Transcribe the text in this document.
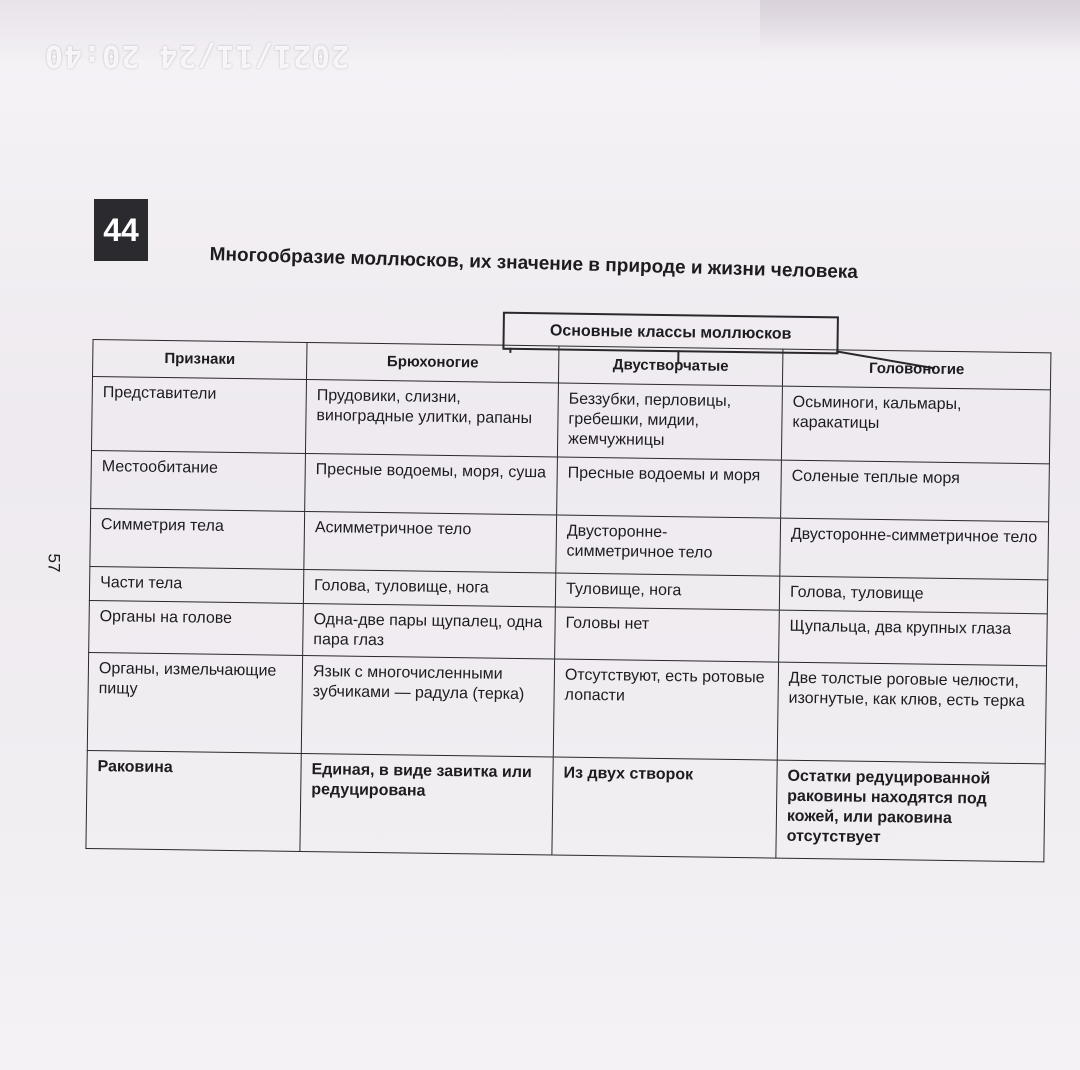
2021/11/24 20:40
44
Многообразие моллюсков, их значение в природе и жизни человека
57
Основные классы моллюсков
Признаки	Брюхоногие	Двустворчатые	Головоногие
Представители	Прудовики, слизни, виноградные улитки, рапаны	Беззубки, перловицы, гребешки, мидии, жемчужницы	Осьминоги, кальмары, каракатицы
Местообитание	Пресные водоемы, моря, суша	Пресные водоемы и моря	Соленые теплые моря
Симметрия тела	Асимметричное тело	Двусторонне-симметричное тело	Двусторонне-симметричное тело
Части тела	Голова, туловище, нога	Туловище, нога	Голова, туловище
Органы на голове	Одна-две пары щупалец, одна пара глаз	Головы нет	Щупальца, два крупных глаза
Органы, измельчающие пищу	Язык с многочисленными зубчиками — радула (терка)	Отсутствуют, есть ротовые лопасти	Две толстые роговые челюсти, изогнутые, как клюв, есть терка
Раковина	Единая, в виде завитка или редуцирована	Из двух створок	Остатки редуцированной раковины находятся под кожей, или раковина отсутствует
